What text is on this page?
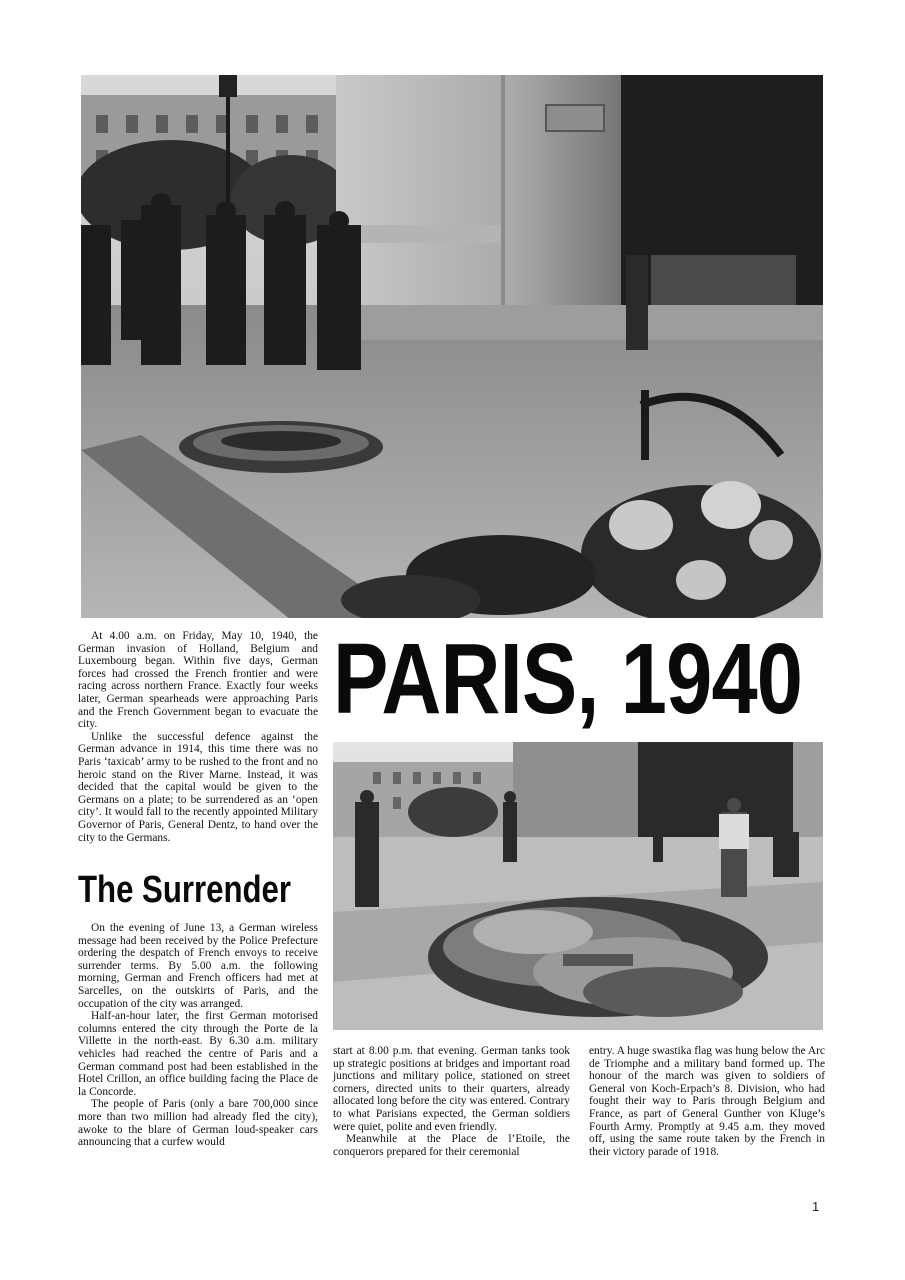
PARIS, 1940

At 4.00 a.m. on Friday, May 10, 1940, the German invasion of Holland, Belgium and Luxembourg began. Within five days, German forces had crossed the French frontier and were racing across northern France. Exactly four weeks later, German spearheads were approaching Paris and the French Government began to evacuate the city.

Unlike the successful defence against the German advance in 1914, this time there was no Paris ‘taxicab’ army to be rushed to the front and no heroic stand on the River Marne. Instead, it was decided that the capital would be given to the Germans on a plate; to be surrendered as an ‘open city’. It would fall to the recently appointed Military Governor of Paris, General Dentz, to hand over the city to the Germans.

The Surrender

On the evening of June 13, a German wireless message had been received by the Police Prefecture ordering the despatch of French envoys to receive surrender terms. By 5.00 a.m. the following morning, German and French officers had met at Sarcelles, on the outskirts of Paris, and the occupation of the city was arranged.

Half-an-hour later, the first German motorised columns entered the city through the Porte de la Villette in the north-east. By 6.30 a.m. military vehicles had reached the centre of Paris and a German command post had been established in the Hotel Crillon, an office building facing the Place de la Concorde.

The people of Paris (only a bare 700,000 since more than two million had already fled the city), awoke to the blare of German loud-speaker cars announcing that a curfew would

start at 8.00 p.m. that evening. German tanks took up strategic positions at bridges and important road junctions and military police, stationed on street corners, directed units to their quarters, already allocated long before the city was entered. Contrary to what Parisians expected, the German soldiers were quiet, polite and even friendly.

Meanwhile at the Place de l’Etoile, the conquerors prepared for their ceremonial

entry. A huge swastika flag was hung below the Arc de Triomphe and a military band formed up. The honour of the march was given to soldiers of General von Koch-Erpach’s 8. Division, who had fought their way to Paris through Belgium and France, as part of General Gunther von Kluge’s Fourth Army. Promptly at 9.45 a.m. they moved off, using the same route taken by the French in their victory parade of 1918.

1
